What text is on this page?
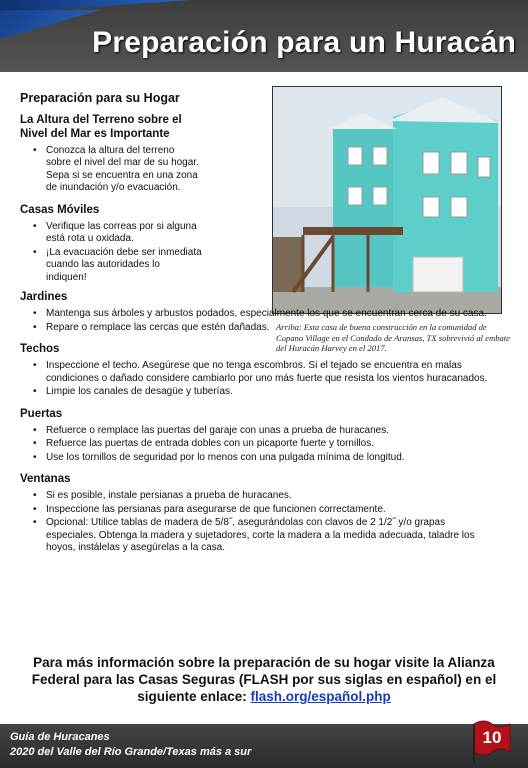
Preparación para un Huracán
Arriba: Esta casa de buena construcción en la comunidad de Copano Village en el Condado de Aransas, TX sobrevivió al embate del Huracán Harvey en el 2017.
Preparación para su Hogar
La Altura del Terreno sobre el Nivel del Mar es Importante
• Conozca la altura del terreno sobre el nivel del mar de su hogar. Sepa si se encuentra en una zona de inundación y/o evacuación.
Casas Móviles
• Verifique las correas por si alguna está rota u oxidada.
• ¡La evacuación debe ser inmediata cuando las autoridades lo indiquen!
Jardines
• Mantenga sus árboles y arbustos podados, especialmente los que se encuentran cerca de su casa.
• Repare o remplace las cercas que estén dañadas.
Techos
• Inspeccione el techo. Asegúrese que no tenga escombros. Si el tejado se encuentra en malas condiciones o dañado considere cambiarlo por uno más fuerte que resista los vientos huracanados.
• Limpie los canales de desagüe y tuberías.
Puertas
• Refuerce o remplace las puertas del garaje con unas a prueba de huracanes.
• Refuerce las puertas de entrada dobles con un picaporte fuerte y tornillos.
• Use los tornillos de seguridad por lo menos con una pulgada mínima de longitud.
Ventanas
• Si es posible, instale persianas a prueba de huracanes.
• Inspeccione las persianas para asegurarse de que funcionen correctamente.
• Opcional: Utilice tablas de madera de 5/8˝, asegurándolas con clavos de 2 1/2˝ y/o grapas especiales. Obtenga la madera y sujetadores, corte la madera a la medida adecuada, taladre los hoyos, instálelas y asegúrelas a la casa.
Para más información sobre la preparación de su hogar visite la Alianza Federal para las Casas Seguras (FLASH por sus siglas en español) en el siguiente enlace: flash.org/español.php
Guía de Huracanes
2020 del Valle del Río Grande/Texas más a sur
10
